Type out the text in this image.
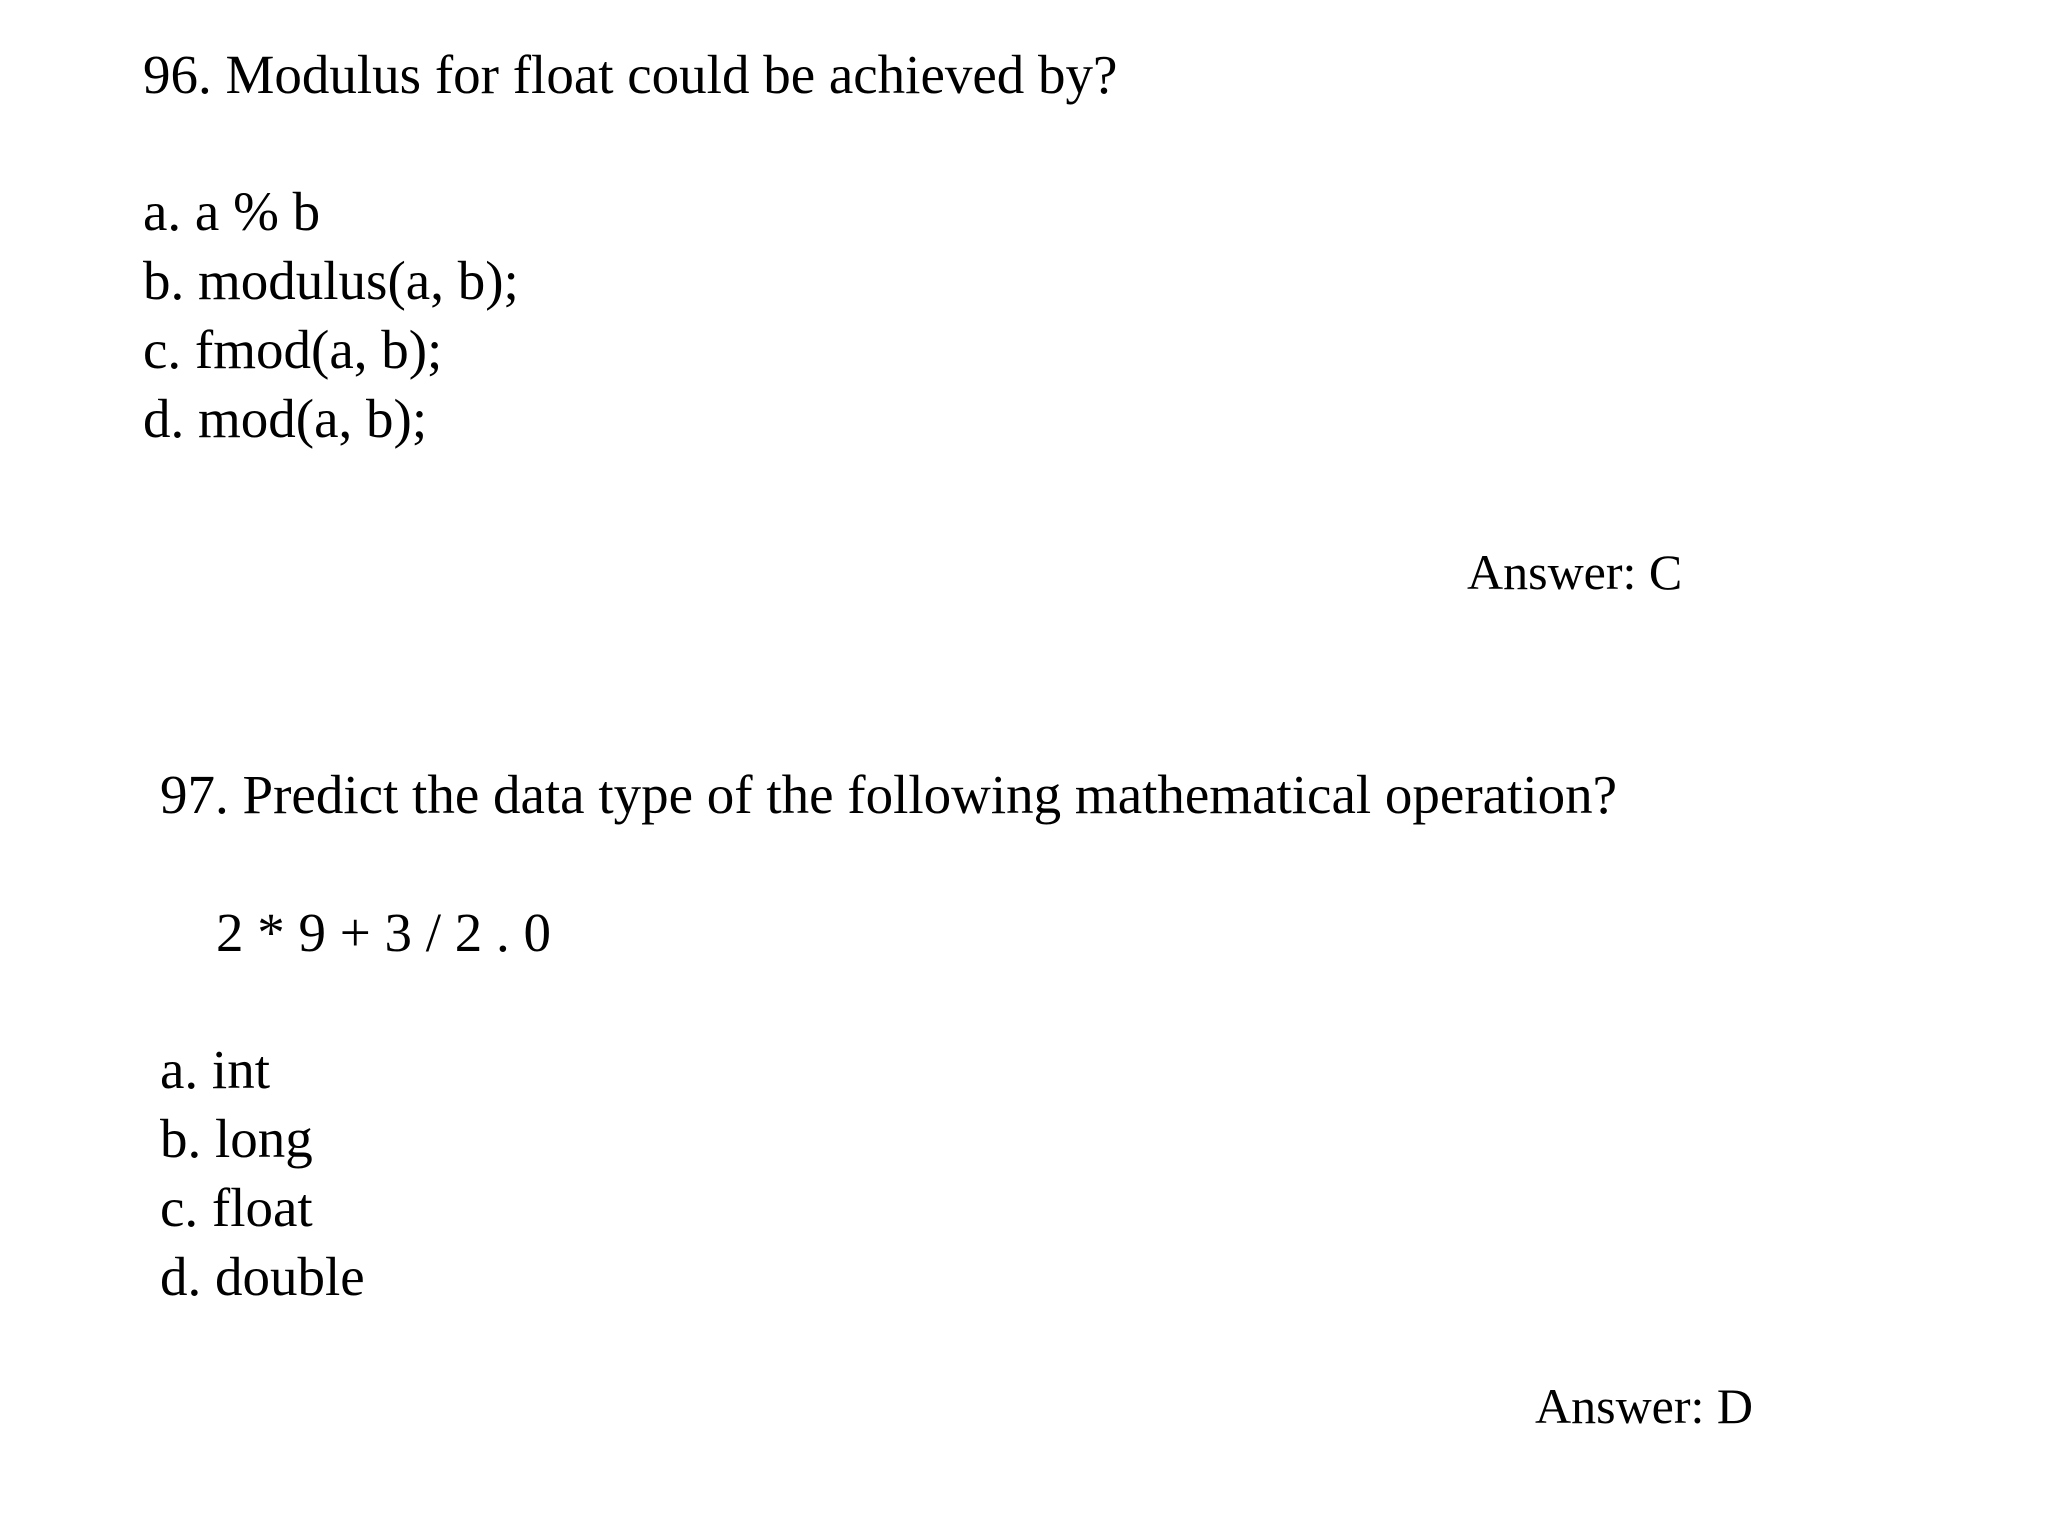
96. Modulus for float could be achieved by?

a. a % b

b. modulus(a, b);

c. fmod(a, b);

d. mod(a, b);

Answer: C

97. Predict the data type of the following mathematical operation?

2 * 9 + 3 / 2 . 0

a. int

b. long

c. float

d. double

Answer: D
